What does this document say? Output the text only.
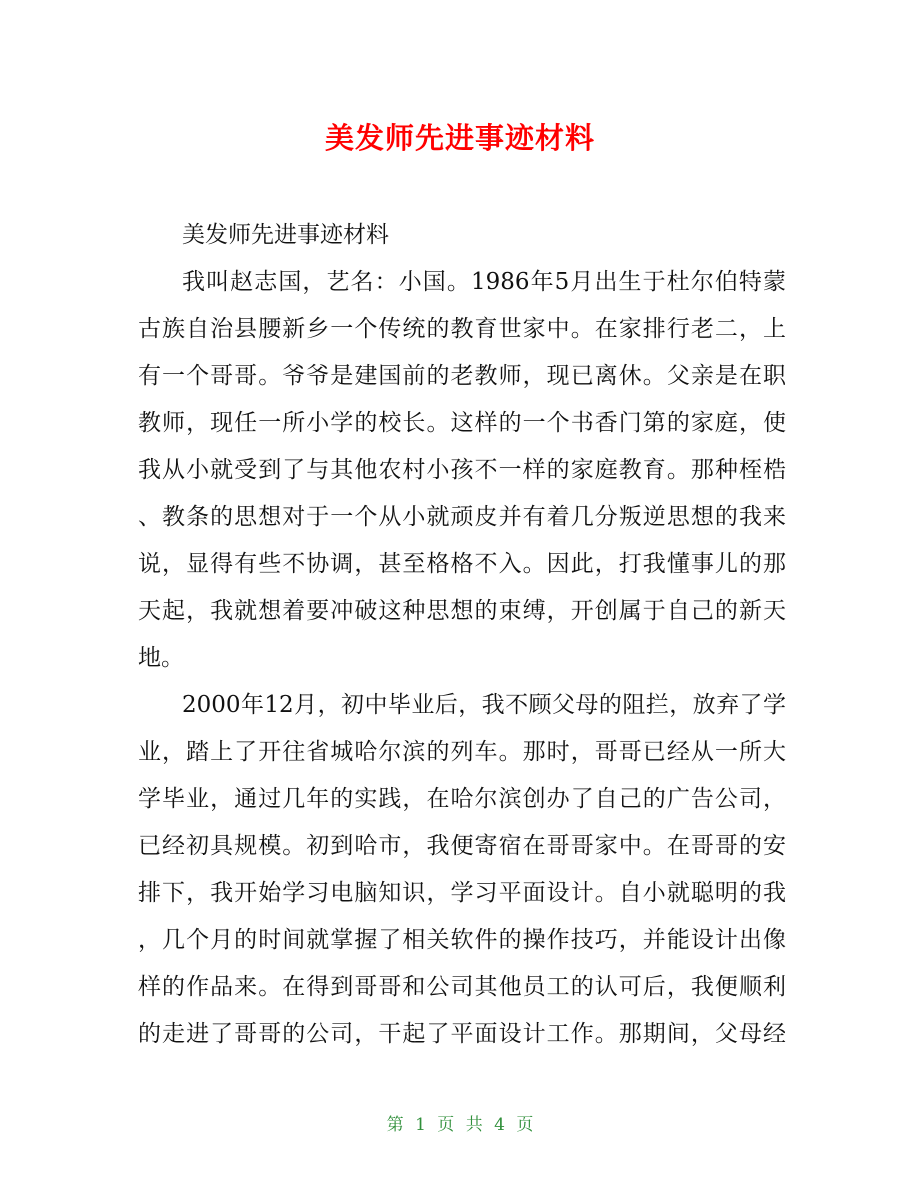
美发师先进事迹材料
美发师先进事迹材料
我叫赵志国，艺名：小国。1986年5月出生于杜尔伯特蒙
古族自治县腰新乡一个传统的教育世家中。在家排行老二，上
有一个哥哥。爷爷是建国前的老教师，现已离休。父亲是在职
教师，现任一所小学的校长。这样的一个书香门第的家庭，使
我从小就受到了与其他农村小孩不一样的家庭教育。那种桎梏
、教条的思想对于一个从小就顽皮并有着几分叛逆思想的我来
说，显得有些不协调，甚至格格不入。因此，打我懂事儿的那
天起，我就想着要冲破这种思想的束缚，开创属于自己的新天
地。
2000年12月，初中毕业后，我不顾父母的阻拦，放弃了学
业，踏上了开往省城哈尔滨的列车。那时，哥哥已经从一所大
学毕业，通过几年的实践，在哈尔滨创办了自己的广告公司，
已经初具规模。初到哈市，我便寄宿在哥哥家中。在哥哥的安
排下，我开始学习电脑知识，学习平面设计。自小就聪明的我
，几个月的时间就掌握了相关软件的操作技巧，并能设计出像
样的作品来。在得到哥哥和公司其他员工的认可后，我便顺利
的走进了哥哥的公司，干起了平面设计工作。那期间，父母经
第 1 页 共 4 页
